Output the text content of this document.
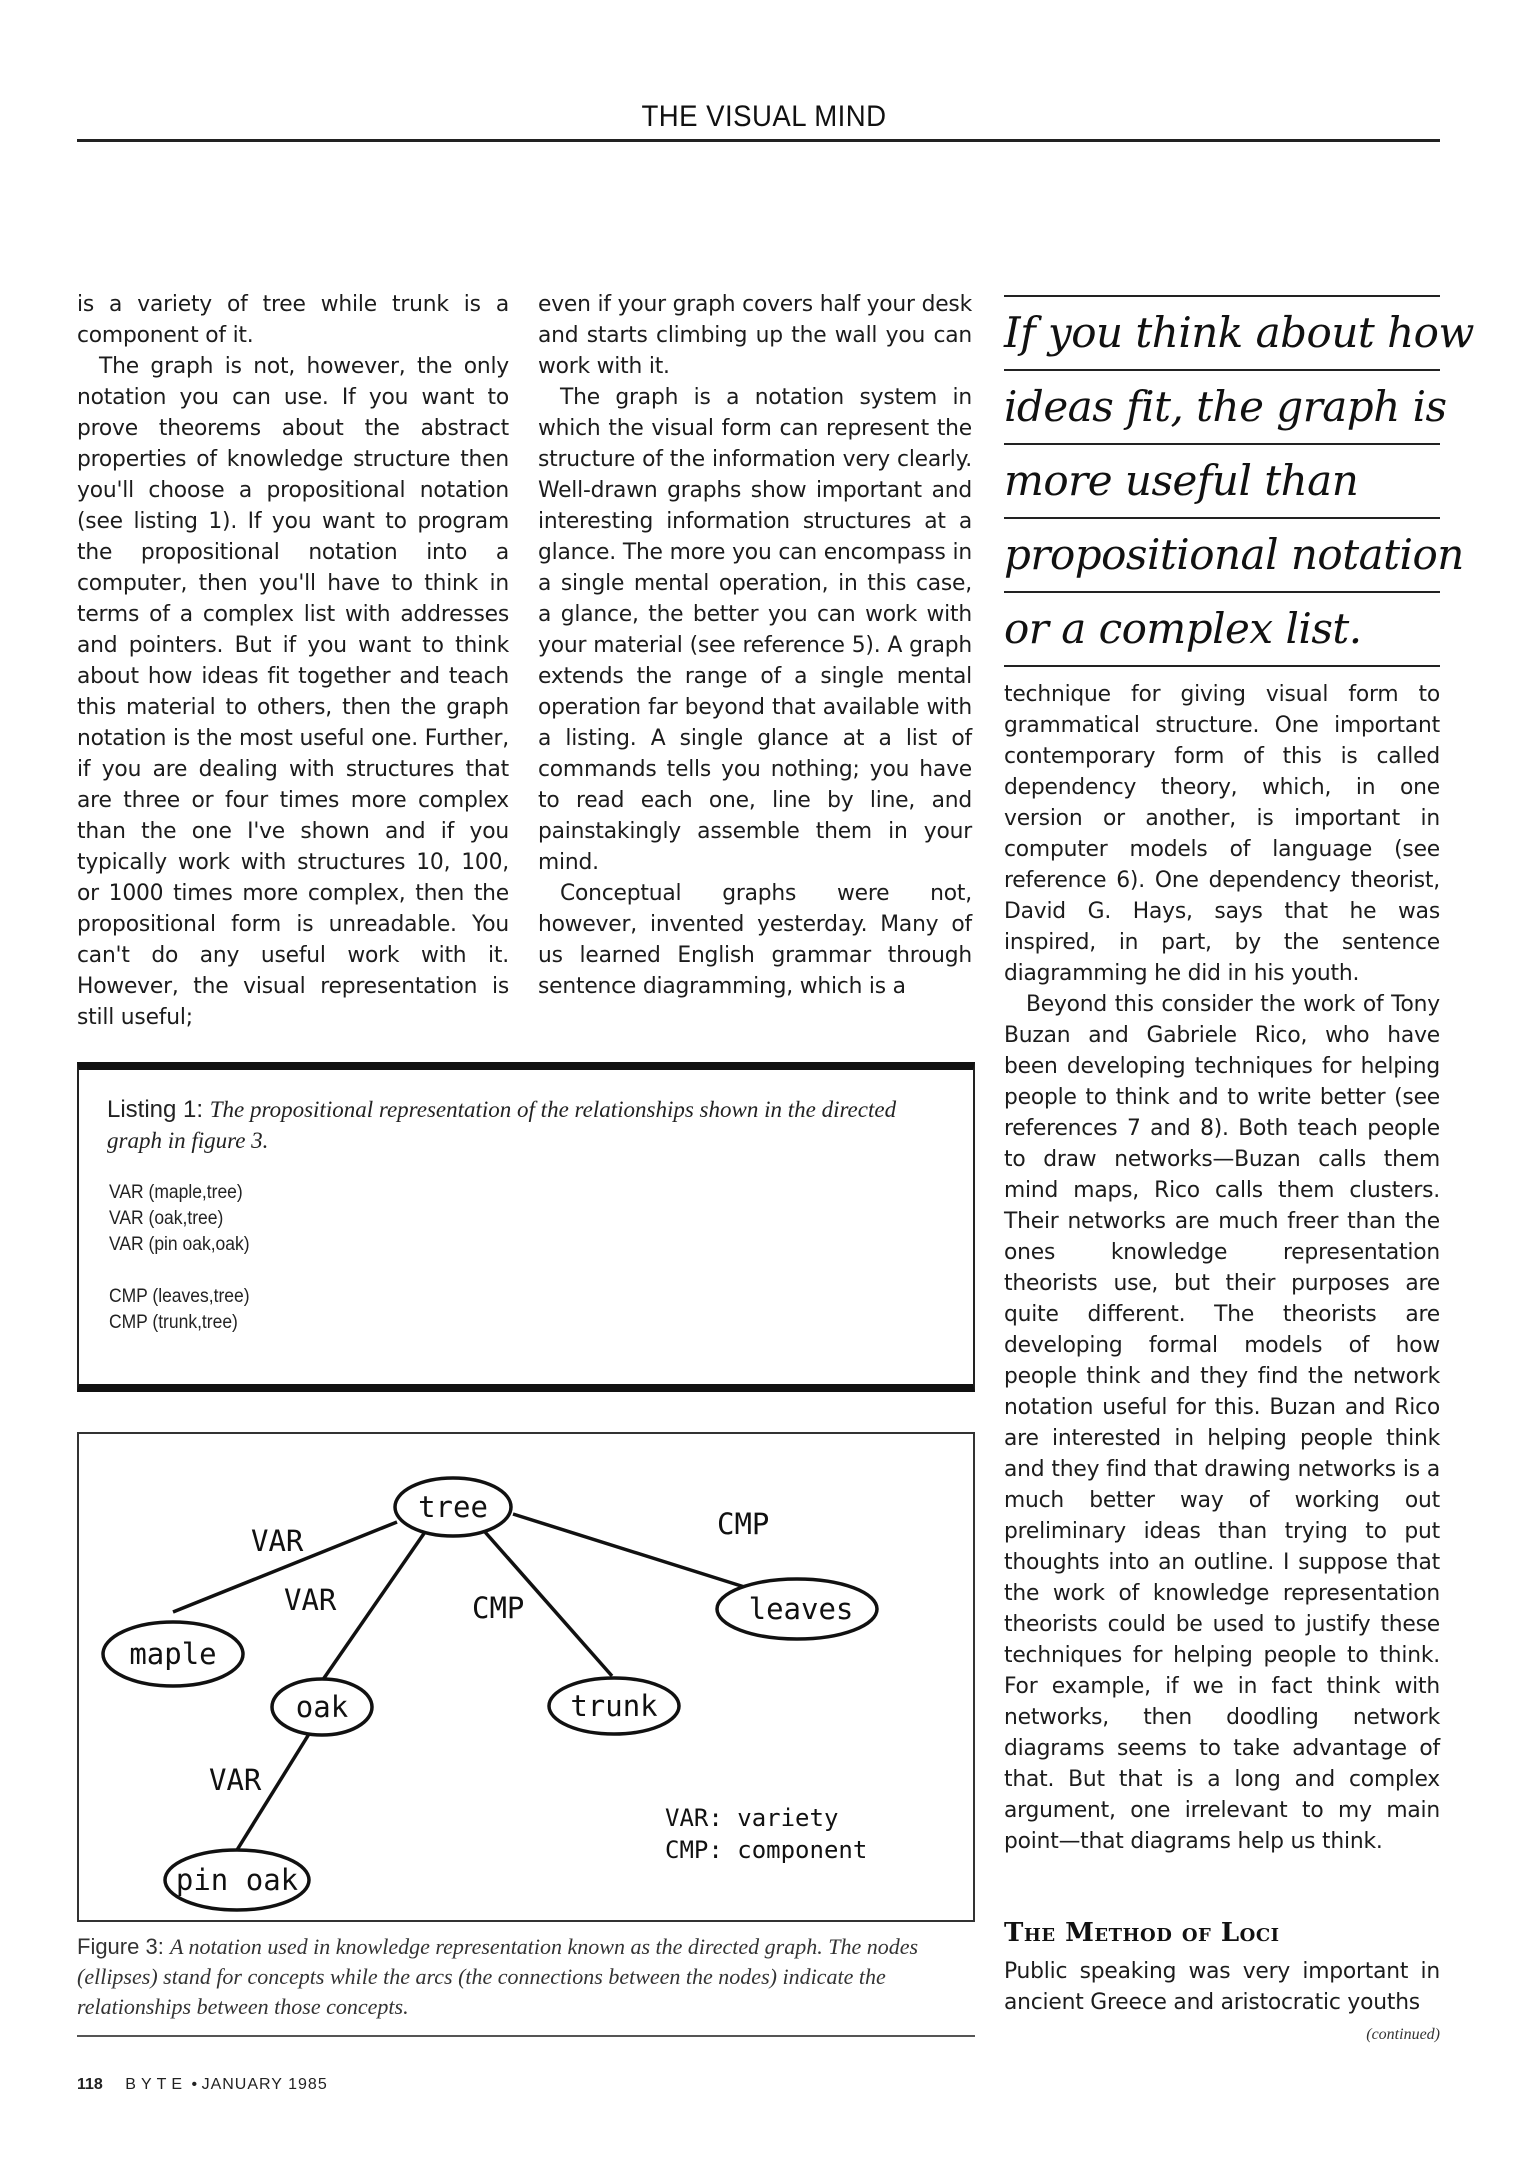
THE VISUAL MIND

is a variety of tree while trunk is a component of it.

The graph is not, however, the only notation you can use. If you want to prove theorems about the abstract properties of knowledge structure then you'll choose a propositional notation (see listing 1). If you want to program the propositional notation into a computer, then you'll have to think in terms of a complex list with addresses and pointers. But if you want to think about how ideas fit together and teach this material to others, then the graph notation is the most useful one. Further, if you are dealing with structures that are three or four times more complex than the one I've shown and if you typically work with structures 10, 100, or 1000 times more complex, then the propositional form is unreadable. You can't do any useful work with it. However, the visual representation is still useful;

even if your graph covers half your desk and starts climbing up the wall you can work with it.

The graph is a notation system in which the visual form can represent the structure of the information very clearly. Well-drawn graphs show important and interesting information structures at a glance. The more you can encompass in a single mental operation, in this case, a glance, the better you can work with your material (see reference 5). A graph extends the range of a single mental operation far beyond that available with a listing. A single glance at a list of commands tells you nothing; you have to read each one, line by line, and painstakingly assemble them in your mind.

Conceptual graphs were not, however, invented yesterday. Many of us learned English grammar through sentence diagramming, which is a

If you think about how
ideas fit, the graph is
more useful than
propositional notation
or a complex list.

technique for giving visual form to grammatical structure. One important contemporary form of this is called dependency theory, which, in one version or another, is important in computer models of language (see reference 6). One dependency theorist, David G. Hays, says that he was inspired, in part, by the sentence diagramming he did in his youth.

Beyond this consider the work of Tony Buzan and Gabriele Rico, who have been developing techniques for helping people to think and to write better (see references 7 and 8). Both teach people to draw networks—Buzan calls them mind maps, Rico calls them clusters. Their networks are much freer than the ones knowledge representation theorists use, but their purposes are quite different. The theorists are developing formal models of how people think and they find the network notation useful for this. Buzan and Rico are interested in helping people think and they find that drawing networks is a much better way of working out preliminary ideas than trying to put thoughts into an outline. I suppose that the work of knowledge representation theorists could be used to justify these techniques for helping people to think. For example, if we in fact think with networks, then doodling network diagrams seems to take advantage of that. But that is a long and complex argument, one irrelevant to my main point—that diagrams help us think.

The Method of Loci

Public speaking was very important in ancient Greece and aristocratic youths

(continued)
Listing 1: The propositional representation of the relationships shown in the directed graph in figure 3.
VAR (maple,tree)
VAR (oak,tree)
VAR (pin oak,oak)
CMP (leaves,tree)
CMP (trunk,tree)
tree
maple
oak	trunk
leaves
pin oak
VAR
VAR	CMP
CMP
VAR
VAR: variety
CMP: component
Figure 3: A notation used in knowledge representation known as the directed graph. The nodes (ellipses) stand for concepts while the arcs (the connections between the nodes) indicate the relationships between those concepts.
118 BYTE • JANUARY 1985
